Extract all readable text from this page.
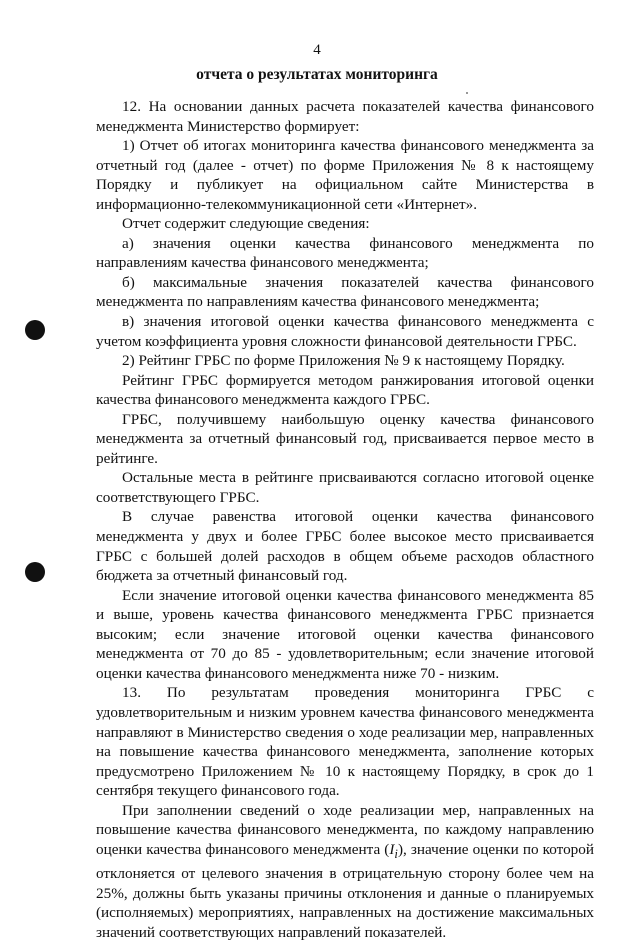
4
отчета о результатах мониторинга

12. На основании данных расчета показателей качества финансового менеджмента Министерство формирует:

1) Отчет об итогах мониторинга качества финансового менеджмента за отчетный год (далее - отчет) по форме Приложения № 8 к настоящему Порядку и публикует на официальном сайте Министерства в информационно-телекоммуникационной сети «Интернет».

Отчет содержит следующие сведения:

а) значения оценки качества финансового менеджмента по направлениям качества финансового менеджмента;

б) максимальные значения показателей качества финансового менеджмента по направлениям качества финансового менеджмента;

в) значения итоговой оценки качества финансового менеджмента с учетом коэффициента уровня сложности финансовой деятельности ГРБС.

2) Рейтинг ГРБС по форме Приложения № 9 к настоящему Порядку.

Рейтинг ГРБС формируется методом ранжирования итоговой оценки качества финансового менеджмента каждого ГРБС.

ГРБС, получившему наибольшую оценку качества финансового менеджмента за отчетный финансовый год, присваивается первое место в рейтинге.

Остальные места в рейтинге присваиваются согласно итоговой оценке соответствующего ГРБС.

В случае равенства итоговой оценки качества финансового менеджмента у двух и более ГРБС более высокое место присваивается ГРБС с большей долей расходов в общем объеме расходов областного бюджета за отчетный финансовый год.

Если значение итоговой оценки качества финансового менеджмента 85 и выше, уровень качества финансового менеджмента ГРБС признается высоким; если значение итоговой оценки качества финансового менеджмента от 70 до 85 - удовлетворительным; если значение итоговой оценки качества финансового менеджмента ниже 70 - низким.

13. По результатам проведения мониторинга ГРБС с удовлетворительным и низким уровнем качества финансового менеджмента направляют в Министерство сведения о ходе реализации мер, направленных на повышение качества финансового менеджмента, заполнение которых предусмотрено Приложением № 10 к настоящему Порядку, в срок до 1 сентября текущего финансового года.

При заполнении сведений о ходе реализации мер, направленных на повышение качества финансового менеджмента, по каждому направлению оценки качества финансового менеджмента $(I_i)$, значение оценки по которой отклоняется от целевого значения в отрицательную сторону более чем на 25%, должны быть указаны причины отклонения и данные о планируемых (исполняемых) мероприятиях, направленных на достижение максимальных значений соответствующих направлений показателей.
